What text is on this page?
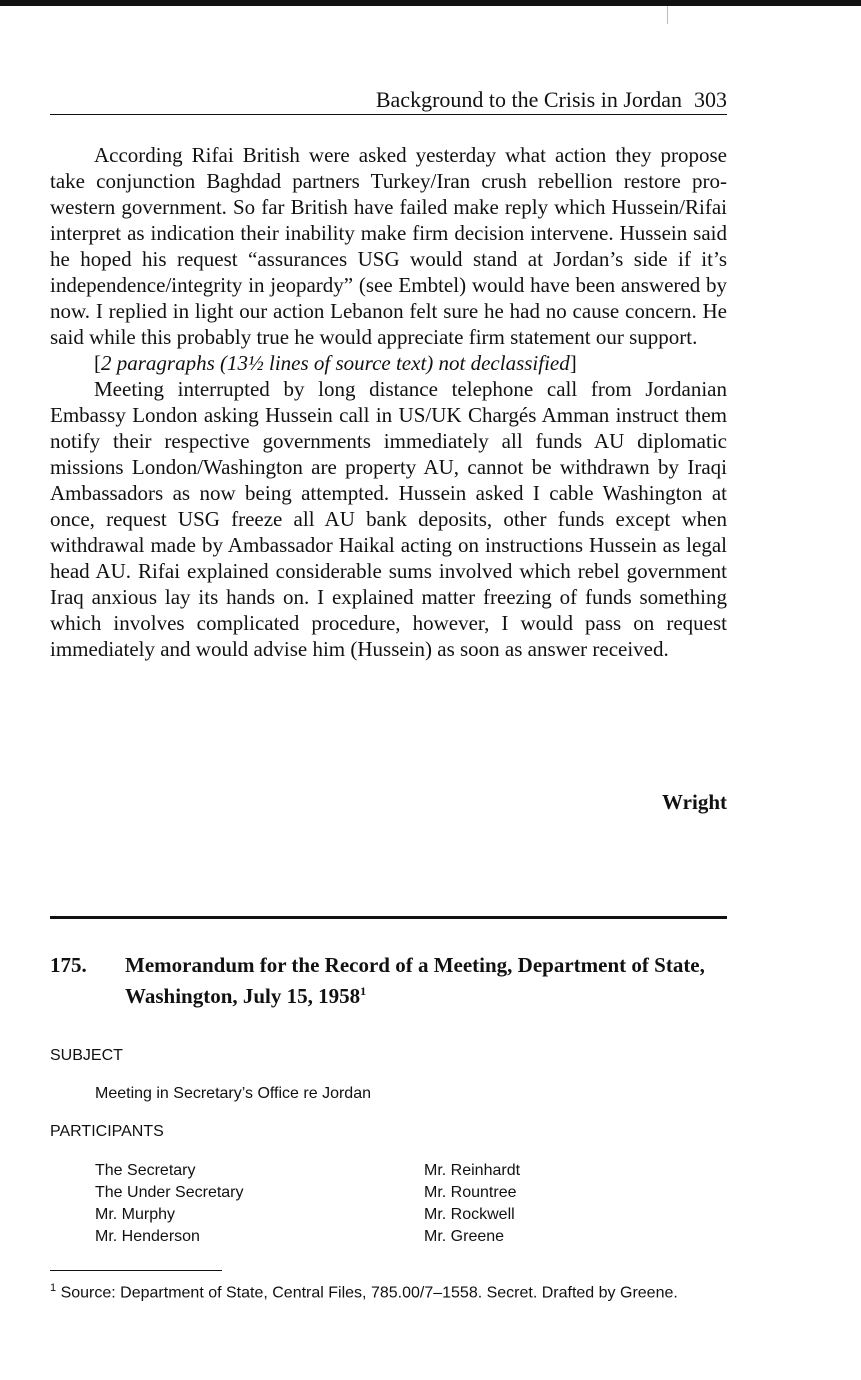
Background to the Crisis in Jordan 303

According Rifai British were asked yesterday what action they propose take conjunction Baghdad partners Turkey/Iran crush rebellion restore pro-western government. So far British have failed make reply which Hussein/Rifai interpret as indication their inability make firm decision intervene. Hussein said he hoped his request “assurances USG would stand at Jordan’s side if it’s independence/integrity in jeopardy” (see Embtel) would have been answered by now. I replied in light our action Lebanon felt sure he had no cause concern. He said while this probably true he would appreciate firm statement our support.

[2 paragraphs (13½ lines of source text) not declassified]

Meeting interrupted by long distance telephone call from Jordanian Embassy London asking Hussein call in US/UK Chargés Amman instruct them notify their respective governments immediately all funds AU diplomatic missions London/Washington are property AU, cannot be withdrawn by Iraqi Ambassadors as now being attempted. Hussein asked I cable Washington at once, request USG freeze all AU bank deposits, other funds except when withdrawal made by Ambassador Haikal acting on instructions Hussein as legal head AU. Rifai explained considerable sums involved which rebel government Iraq anxious lay its hands on. I explained matter freezing of funds something which involves complicated procedure, however, I would pass on request immediately and would advise him (Hussein) as soon as answer received.

Wright
175. Memorandum for the Record of a Meeting, Department of State, Washington, July 15, 1958$^1$
SUBJECT
Meeting in Secretary’s Office re Jordan
PARTICIPANTS
The Secretary
The Under Secretary
Mr. Murphy
Mr. Henderson
Mr. Reinhardt
Mr. Rountree
Mr. Rockwell
Mr. Greene
$^1$ Source: Department of State, Central Files, 785.00/7–1558. Secret. Drafted by Greene.
